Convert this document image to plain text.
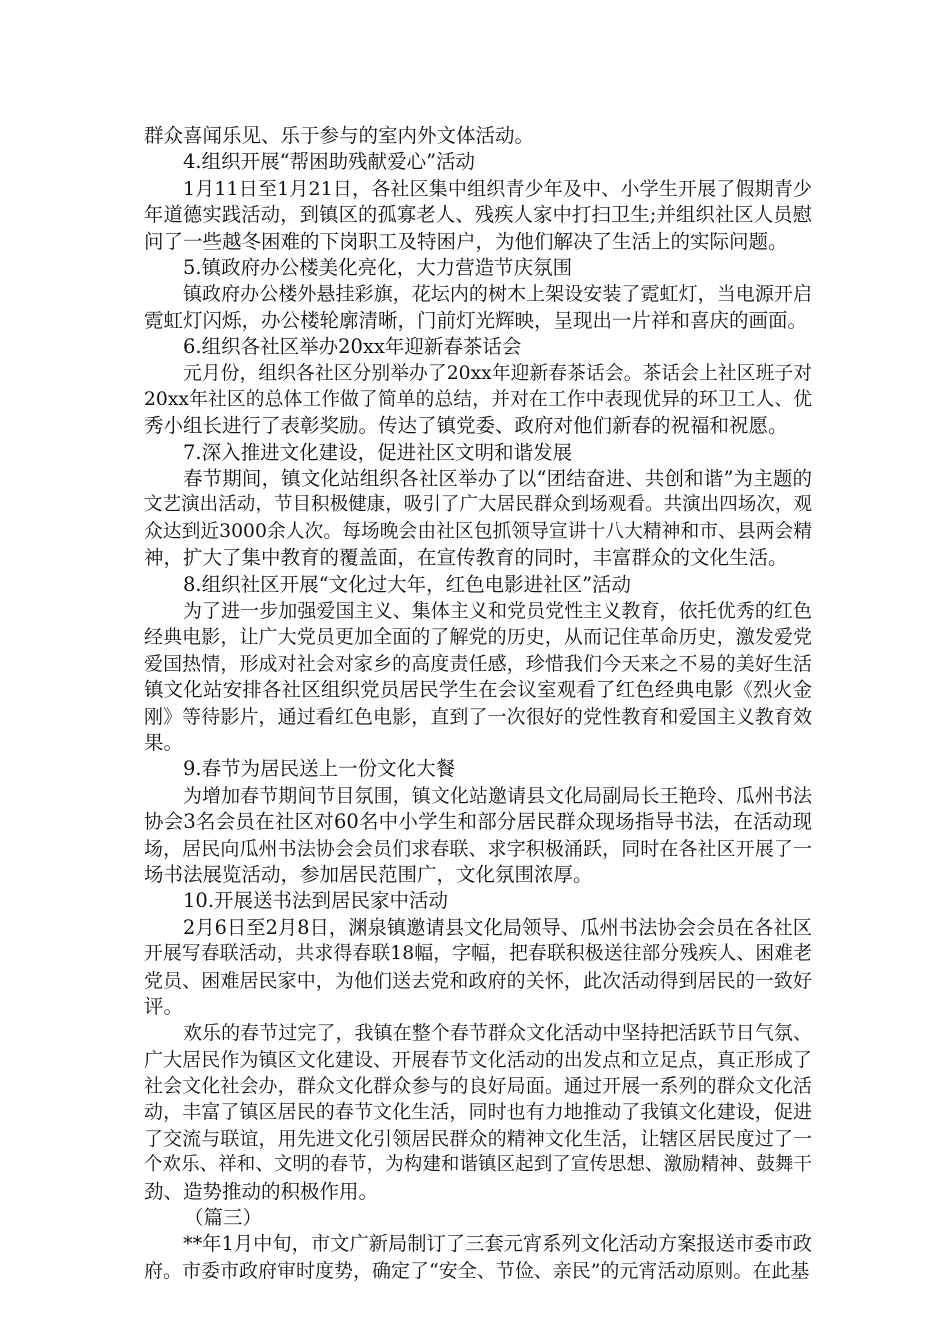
群众喜闻乐见、乐于参与的室内外文体活动。
4.组织开展“帮困助残献爱心”活动
1月11日至1月21日，各社区集中组织青少年及中、小学生开展了假期青少
年道德实践活动，到镇区的孤寡老人、残疾人家中打扫卫生;并组织社区人员慰
问了一些越冬困难的下岗职工及特困户，为他们解决了生活上的实际问题。
5.镇政府办公楼美化亮化，大力营造节庆氛围
镇政府办公楼外悬挂彩旗，花坛内的树木上架设安装了霓虹灯，当电源开启
霓虹灯闪烁，办公楼轮廓清晰，门前灯光辉映，呈现出一片祥和喜庆的画面。
6.组织各社区举办20xx年迎新春茶话会
元月份，组织各社区分别举办了20xx年迎新春茶话会。茶话会上社区班子对
20xx年社区的总体工作做了简单的总结，并对在工作中表现优异的环卫工人、优
秀小组长进行了表彰奖励。传达了镇党委、政府对他们新春的祝福和祝愿。
7.深入推进文化建设，促进社区文明和谐发展
春节期间，镇文化站组织各社区举办了以“团结奋进、共创和谐”为主题的
文艺演出活动，节目积极健康，吸引了广大居民群众到场观看。共演出四场次，观
众达到近3000余人次。每场晚会由社区包抓领导宣讲十八大精神和市、县两会精
神，扩大了集中教育的覆盖面，在宣传教育的同时，丰富群众的文化生活。
8.组织社区开展“文化过大年，红色电影进社区”活动
为了进一步加强爱国主义、集体主义和党员党性主义教育，依托优秀的红色
经典电影，让广大党员更加全面的了解党的历史，从而记住革命历史，激发爱党
爱国热情，形成对社会对家乡的高度责任感，珍惜我们今天来之不易的美好生活
镇文化站安排各社区组织党员居民学生在会议室观看了红色经典电影《烈火金
刚》等待影片，通过看红色电影，直到了一次很好的党性教育和爱国主义教育效
果。
9.春节为居民送上一份文化大餐
为增加春节期间节目氛围，镇文化站邀请县文化局副局长王艳玲、瓜州书法
协会3名会员在社区对60名中小学生和部分居民群众现场指导书法，在活动现
场，居民向瓜州书法协会会员们求春联、求字积极涌跃，同时在各社区开展了一
场书法展览活动，参加居民范围广，文化氛围浓厚。
10.开展送书法到居民家中活动
2月6日至2月8日，渊泉镇邀请县文化局领导、瓜州书法协会会员在各社区
开展写春联活动，共求得春联18幅，字幅，把春联积极送往部分残疾人、困难老
党员、困难居民家中，为他们送去党和政府的关怀，此次活动得到居民的一致好
评。
欢乐的春节过完了，我镇在整个春节群众文化活动中坚持把活跃节日气氛、
广大居民作为镇区文化建设、开展春节文化活动的出发点和立足点，真正形成了
社会文化社会办，群众文化群众参与的良好局面。通过开展一系列的群众文化活
动，丰富了镇区居民的春节文化生活，同时也有力地推动了我镇文化建设，促进
了交流与联谊，用先进文化引领居民群众的精神文化生活，让辖区居民度过了一
个欢乐、祥和、文明的春节，为构建和谐镇区起到了宣传思想、激励精神、鼓舞干
劲、造势推动的积极作用。
（篇三）
**年1月中旬，市文广新局制订了三套元宵系列文化活动方案报送市委市政
府。市委市政府审时度势，确定了“安全、节俭、亲民”的元宵活动原则。在此基
